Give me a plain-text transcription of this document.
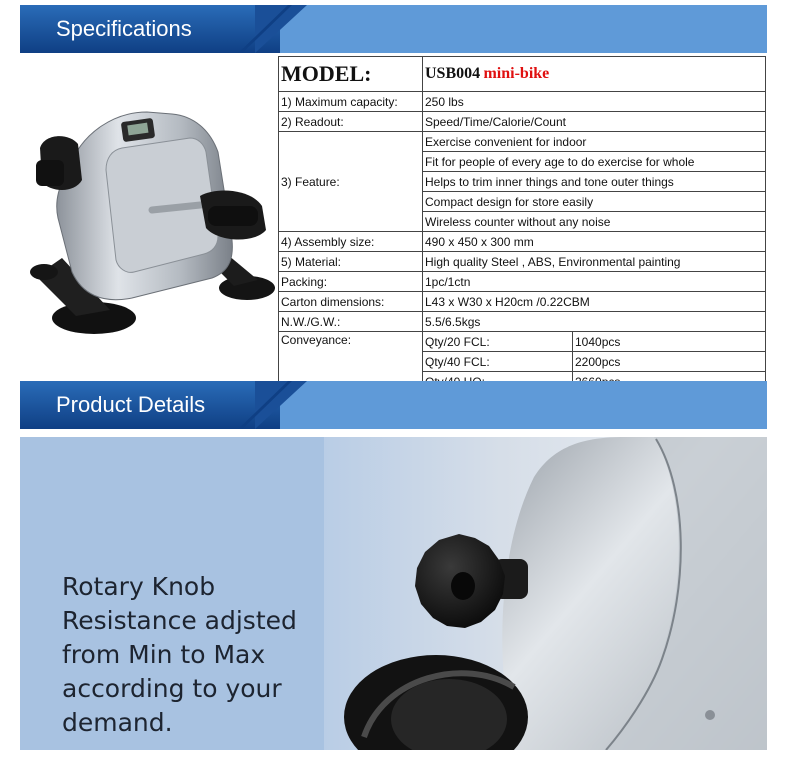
Specifications
MODEL:	USB004 mini-bike	
1) Maximum capacity:	250 lbs	
2) Readout:	Speed/Time/Calorie/Count	
3) Feature:	Exercise convenient for indoor	
	Fit for people of every age to do exercise for whole	
	Helps to trim inner things and tone outer things	
	Compact design for store easily	
	Wireless counter without any noise	
4) Assembly size:	490 x 450 x 300 mm	
5) Material:	High quality Steel , ABS, Environmental painting	
Packing:	1pc/1ctn	
Carton dimensions:	L43 x W30 x H20cm /0.22CBM	
N.W./G.W.:	5.5/6.5kgs	
Conveyance:	Qty/20 FCL:	1040pcs
	Qty/40 FCL:	2200pcs

Product Details
Rotary Knob
Resistance adjsted
from Min to Max
according to your
demand.
